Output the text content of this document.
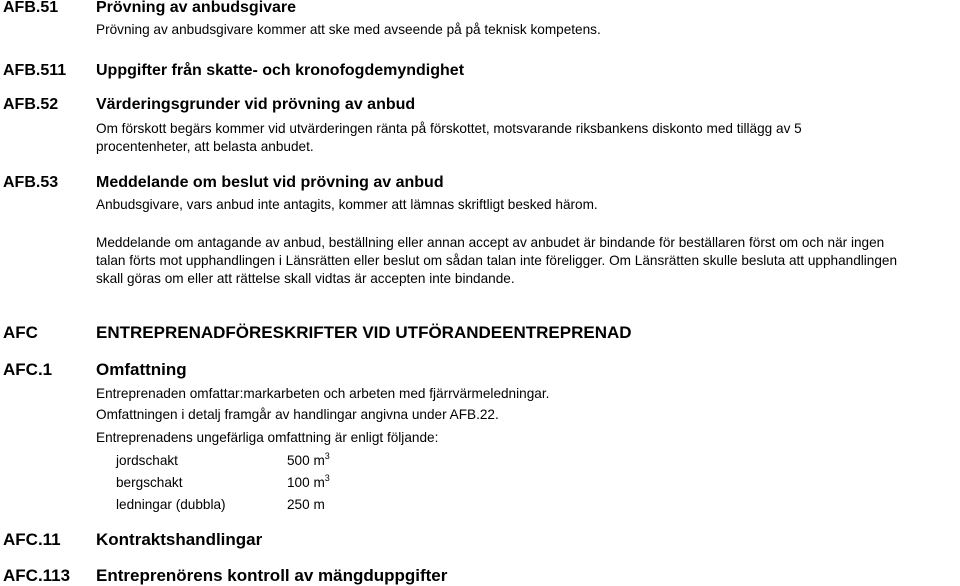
AFB.51 Prövning av anbudsgivare
Prövning av anbudsgivare kommer att ske med avseende på på teknisk kompetens.
AFB.511 Uppgifter från skatte- och kronofogdemyndighet
AFB.52 Värderingsgrunder vid prövning av anbud
Om förskott begärs kommer vid utvärderingen ränta på förskottet, motsvarande riksbankens diskonto med tillägg av 5
procentenheter, att belasta anbudet.
AFB.53 Meddelande om beslut vid prövning av anbud
Anbudsgivare, vars anbud inte antagits, kommer att lämnas skriftligt besked härom.
Meddelande om antagande av anbud, beställning eller annan accept av anbudet är bindande för beställaren först om och när ingen
talan förts mot upphandlingen i Länsrätten eller beslut om sådan talan inte föreligger. Om Länsrätten skulle besluta att upphandlingen
skall göras om eller att rättelse skall vidtas är accepten inte bindande.
AFC	ENTREPRENADFÖRESKRIFTER VID UTFÖRANDEENTREPRENAD
AFC.1	Omfattning
Entreprenaden omfattar:markarbeten och arbeten med fjärrvärmeledningar.
Omfattningen i detalj framgår av handlingar angivna under AFB.22.
Entreprenadens ungefärliga omfattning är enligt följande:
jordschakt	500 $m^3$
bergschakt	100 $m^3$
ledningar (dubbla)	250 m
AFC.11 Kontraktshandlingar
AFC.113 Entreprenörens kontroll av mängduppgifter
